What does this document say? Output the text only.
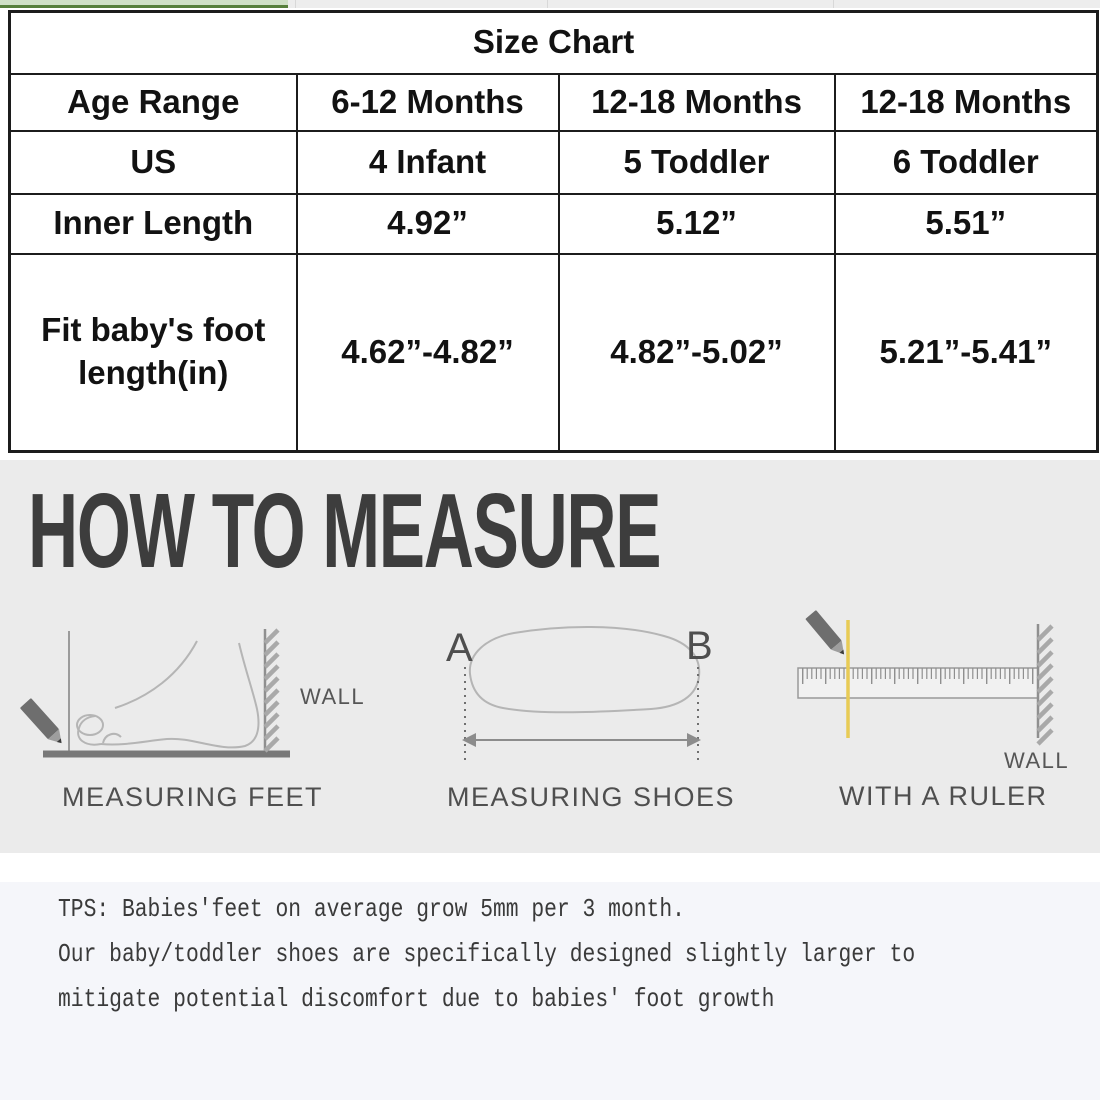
Size Chart			
Age Range	6-12 Months	12-18 Months	12-18 Months
US	4 Infant	5 Toddler	6 Toddler
Inner Length	4.92”	5.12”	5.51”
Fit baby's foot length(in)	4.62”-4.82”	4.82”-5.02”	5.21”-5.41”
HOW TO MEASURE
WALL
MEASURING FEET
A	B
MEASURING SHOES
WALL
WITH A RULER
TPS: Babies'feet on average grow 5mm per 3 month.
Our baby/toddler shoes are specifically designed slightly larger to
mitigate potential discomfort due to babies' foot growth
